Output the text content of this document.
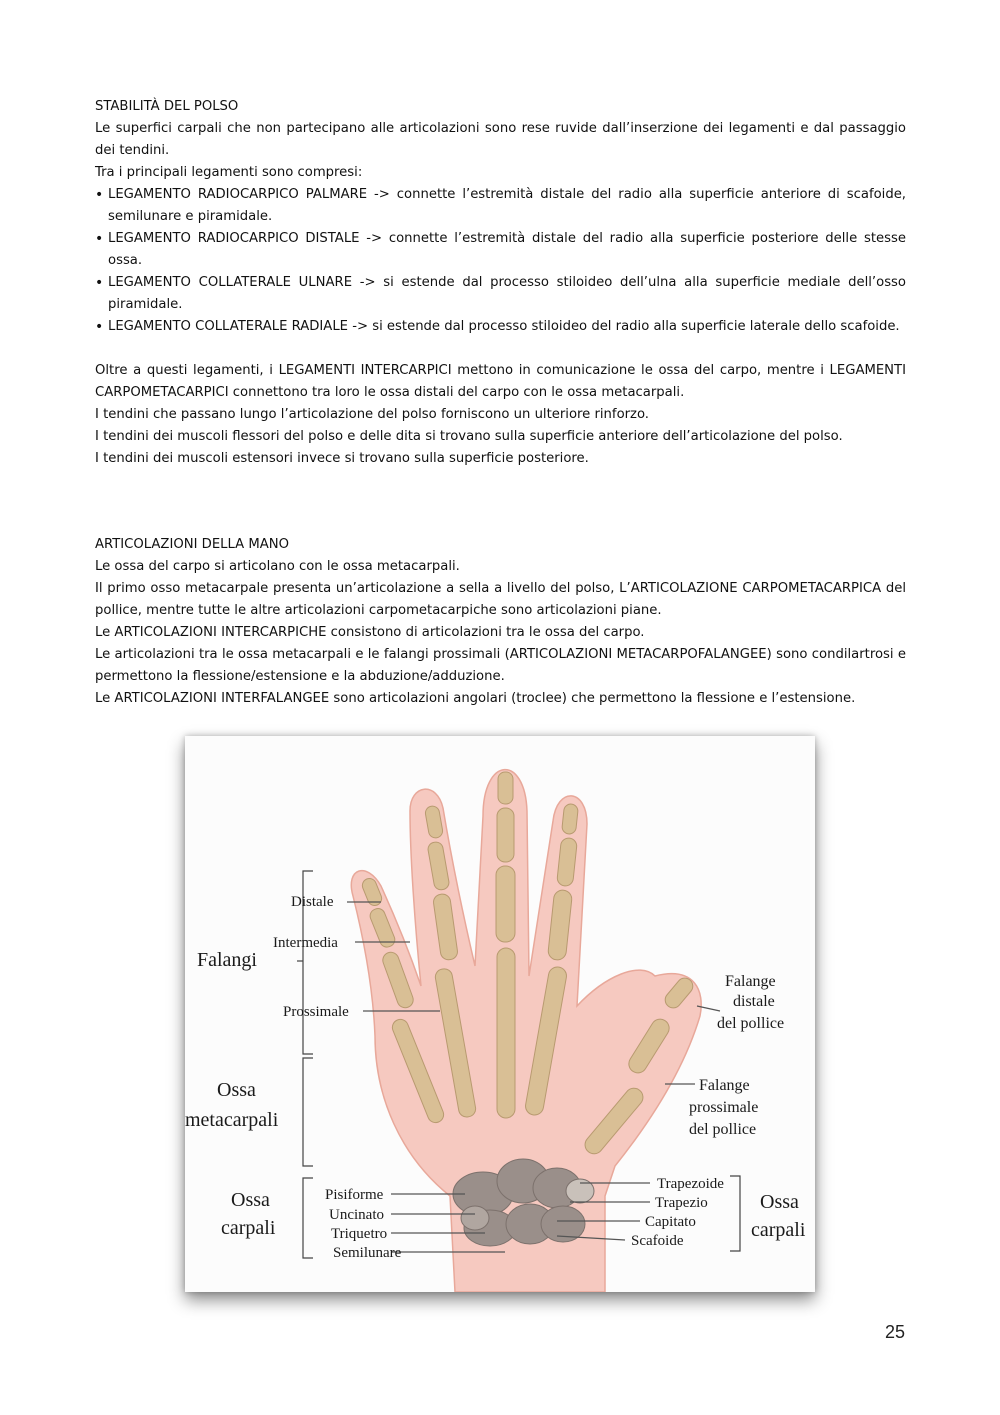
STABILITÀ DEL POLSO

Le superfici carpali che non partecipano alle articolazioni sono rese ruvide dall’inserzione dei legamenti e dal passaggio dei tendini.

Tra i principali legamenti sono compresi:

• LEGAMENTO RADIOCARPICO PALMARE -> connette l’estremità distale del radio alla superficie anteriore di scafoide, semilunare e piramidale.
• LEGAMENTO RADIOCARPICO DISTALE -> connette l’estremità distale del radio alla superficie posteriore delle stesse ossa.
• LEGAMENTO COLLATERALE ULNARE -> si estende dal processo stiloideo dell’ulna alla superficie mediale dell’osso piramidale.
• LEGAMENTO COLLATERALE RADIALE -> si estende dal processo stiloideo del radio alla superficie laterale dello scafoide.

Oltre a questi legamenti, i LEGAMENTI INTERCARPICI mettono in comunicazione le ossa del carpo, mentre i LEGAMENTI CARPOMETACARPICI connettono tra loro le ossa distali del carpo con le ossa metacarpali.

I tendini che passano lungo l’articolazione del polso forniscono un ulteriore rinforzo.

I tendini dei muscoli flessori del polso e delle dita si trovano sulla superficie anteriore dell’articolazione del polso.

I tendini dei muscoli estensori invece si trovano sulla superficie posteriore.

ARTICOLAZIONI DELLA MANO

Le ossa del carpo si articolano con le ossa metacarpali.

Il primo osso metacarpale presenta un’articolazione a sella a livello del polso, L’ARTICOLAZIONE CARPOMETACARPICA del pollice, mentre tutte le altre articolazioni carpometacarpiche sono articolazioni piane.

Le ARTICOLAZIONI INTERCARPICHE consistono di articolazioni tra le ossa del carpo.

Le articolazioni tra le ossa metacarpali e le falangi prossimali (ARTICOLAZIONI METACARPOFALANGEE) sono condilartrosi e permettono la flessione/estensione e la abduzione/adduzione.

Le ARTICOLAZIONI INTERFALANGEE sono articolazioni angolari (troclee) che permettono la flessione e l’estensione.

Falangi
Ossa
metacarpali
Ossa
carpali
Distale
Intermedia
Prossimale
Pisiforme
Uncinato
Triquetro
Semilunare
Trapezoide
Trapezio
Capitato
Scafoide
Ossa
carpali
Falange
distale
del pollice
Falange
prossimale
del pollice
25
